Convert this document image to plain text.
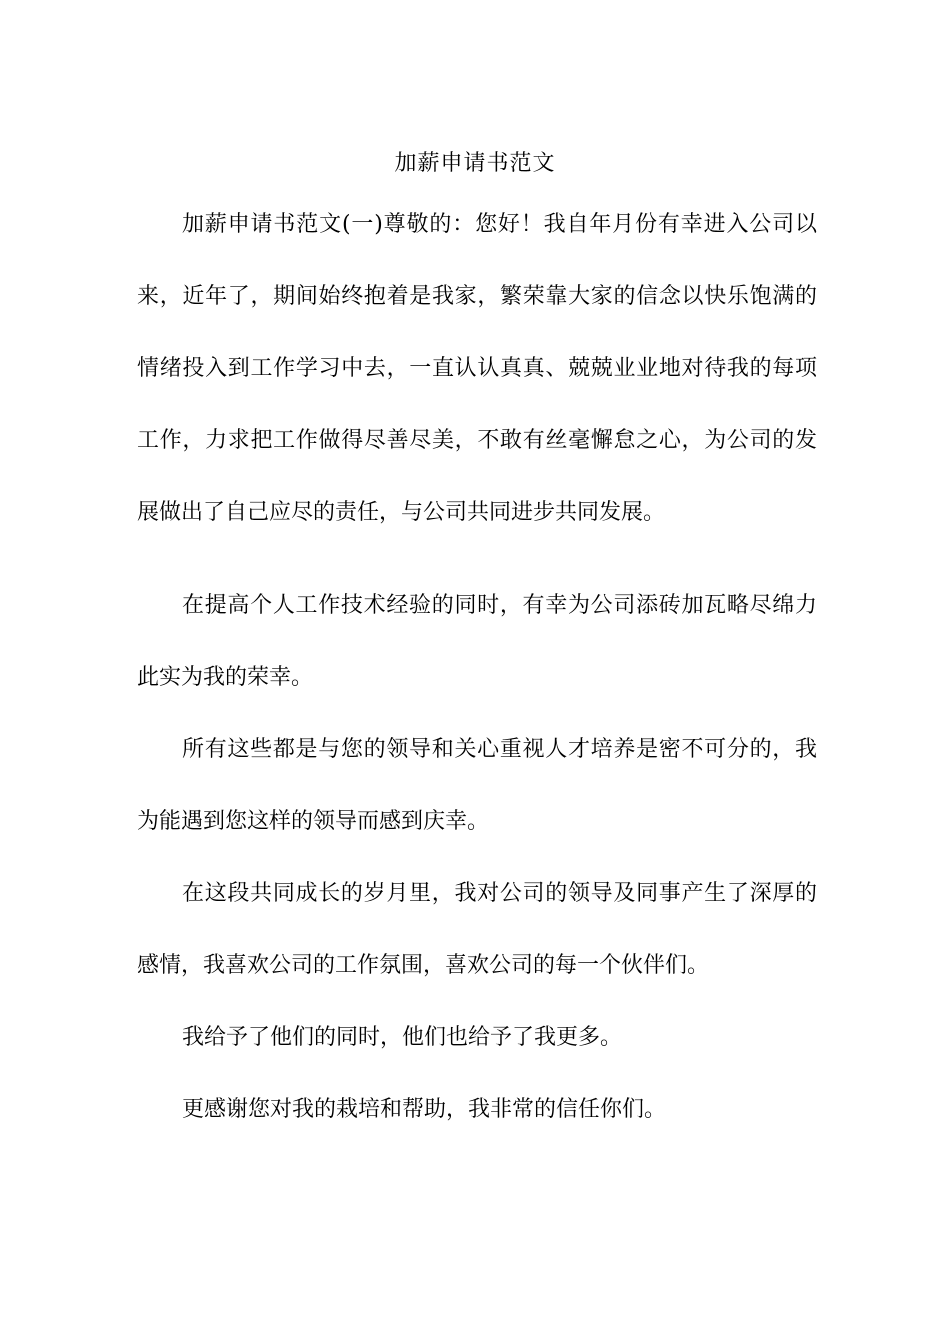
加薪申请书范文

加薪申请书范文(一)尊敬的：您好！我自年月份有幸进入公司以来，近年了，期间始终抱着是我家，繁荣靠大家的信念以快乐饱满的情绪投入到工作学习中去，一直认认真真、兢兢业业地对待我的每项工作，力求把工作做得尽善尽美，不敢有丝毫懈怠之心，为公司的发展做出了自己应尽的责任，与公司共同进步共同发展。

在提高个人工作技术经验的同时，有幸为公司添砖加瓦略尽绵力此实为我的荣幸。

所有这些都是与您的领导和关心重视人才培养是密不可分的，我为能遇到您这样的领导而感到庆幸。

在这段共同成长的岁月里，我对公司的领导及同事产生了深厚的感情，我喜欢公司的工作氛围，喜欢公司的每一个伙伴们。

我给予了他们的同时，他们也给予了我更多。

更感谢您对我的栽培和帮助，我非常的信任你们。
